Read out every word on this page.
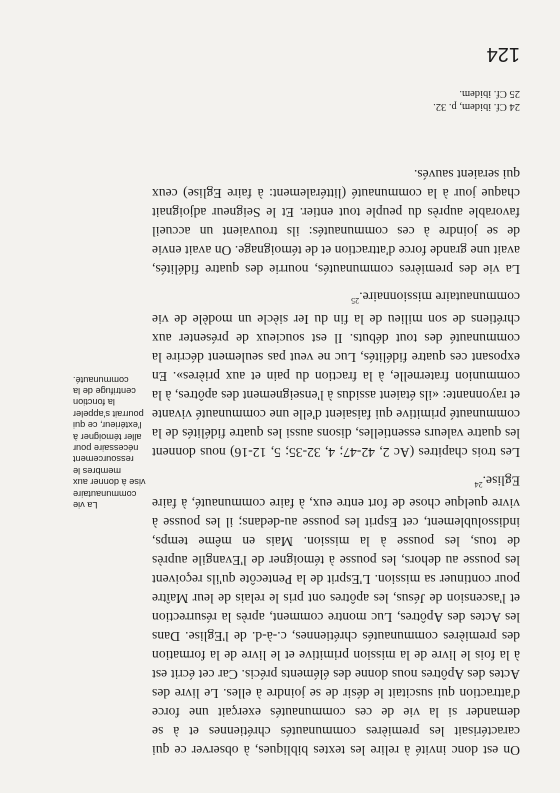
On est donc invité à relire les textes bibliques, à observer ce qui caractérisait les premières communautés chrétiennes et à se demander si la vie de ces communautés exerçait une force d'attraction qui suscitait le désir de se joindre à elles. Le livre des Actes des Apôtres nous donne des éléments précis. Car cet écrit est à la fois le livre de la mission primitive et le livre de la formation des premières communautés chrétiennes, c.-à-d. de l'Eglise. Dans les Actes des Apôtres, Luc montre comment, après la résurrection et l'ascension de Jésus, les apôtres ont pris le relais de leur Maître pour continuer sa mission. L'Esprit de la Pentecôte qu'ils reçoivent les pousse au dehors, les pousse à témoigner de l'Evangile auprès de tous, les pousse à la mission. Mais en même temps, indissolublement, cet Esprit les pousse au-dedans; il les pousse à vivre quelque chose de fort entre eux, à faire communauté, à faire Eglise.$^{24}$

Les trois chapitres (Ac 2, 42-47; 4, 32-35; 5, 12-16) nous donnent les quatre valeurs essentielles, disons aussi les quatre fidélités de la communauté primitive qui faisaient d'elle une communauté vivante et rayonnante: «ils étaient assidus à l'enseignement des apôtres, à la communion fraternelle, à la fraction du pain et aux prières». En exposant ces quatre fidélités, Luc ne veut pas seulement décrire la communauté des tout débuts. Il est soucieux de présenter aux chrétiens de son milieu de la fin du Ier siècle un modèle de vie communautaire missionnaire.$^{25}$

La vie des premières communautés, nourrie des quatre fidélités, avait une grande force d'attraction et de témoignage. On avait envie de se joindre à ces communautés: ils trouvaient un accueil favorable auprès du peuple tout entier. Et le Seigneur adjoignait chaque jour à la communauté (littéralement: à faire Eglise) ceux qui seraient sauvés.

La vie communautaire vise à donner aux membres le ressourcement nécessaire pour aller témoigner à l'extérieur, ce qui pourrait s'appeler la fonction centrifuge de la communauté.
24 Cf. ibidem, p. 32.
25 Cf. ibidem.
124
